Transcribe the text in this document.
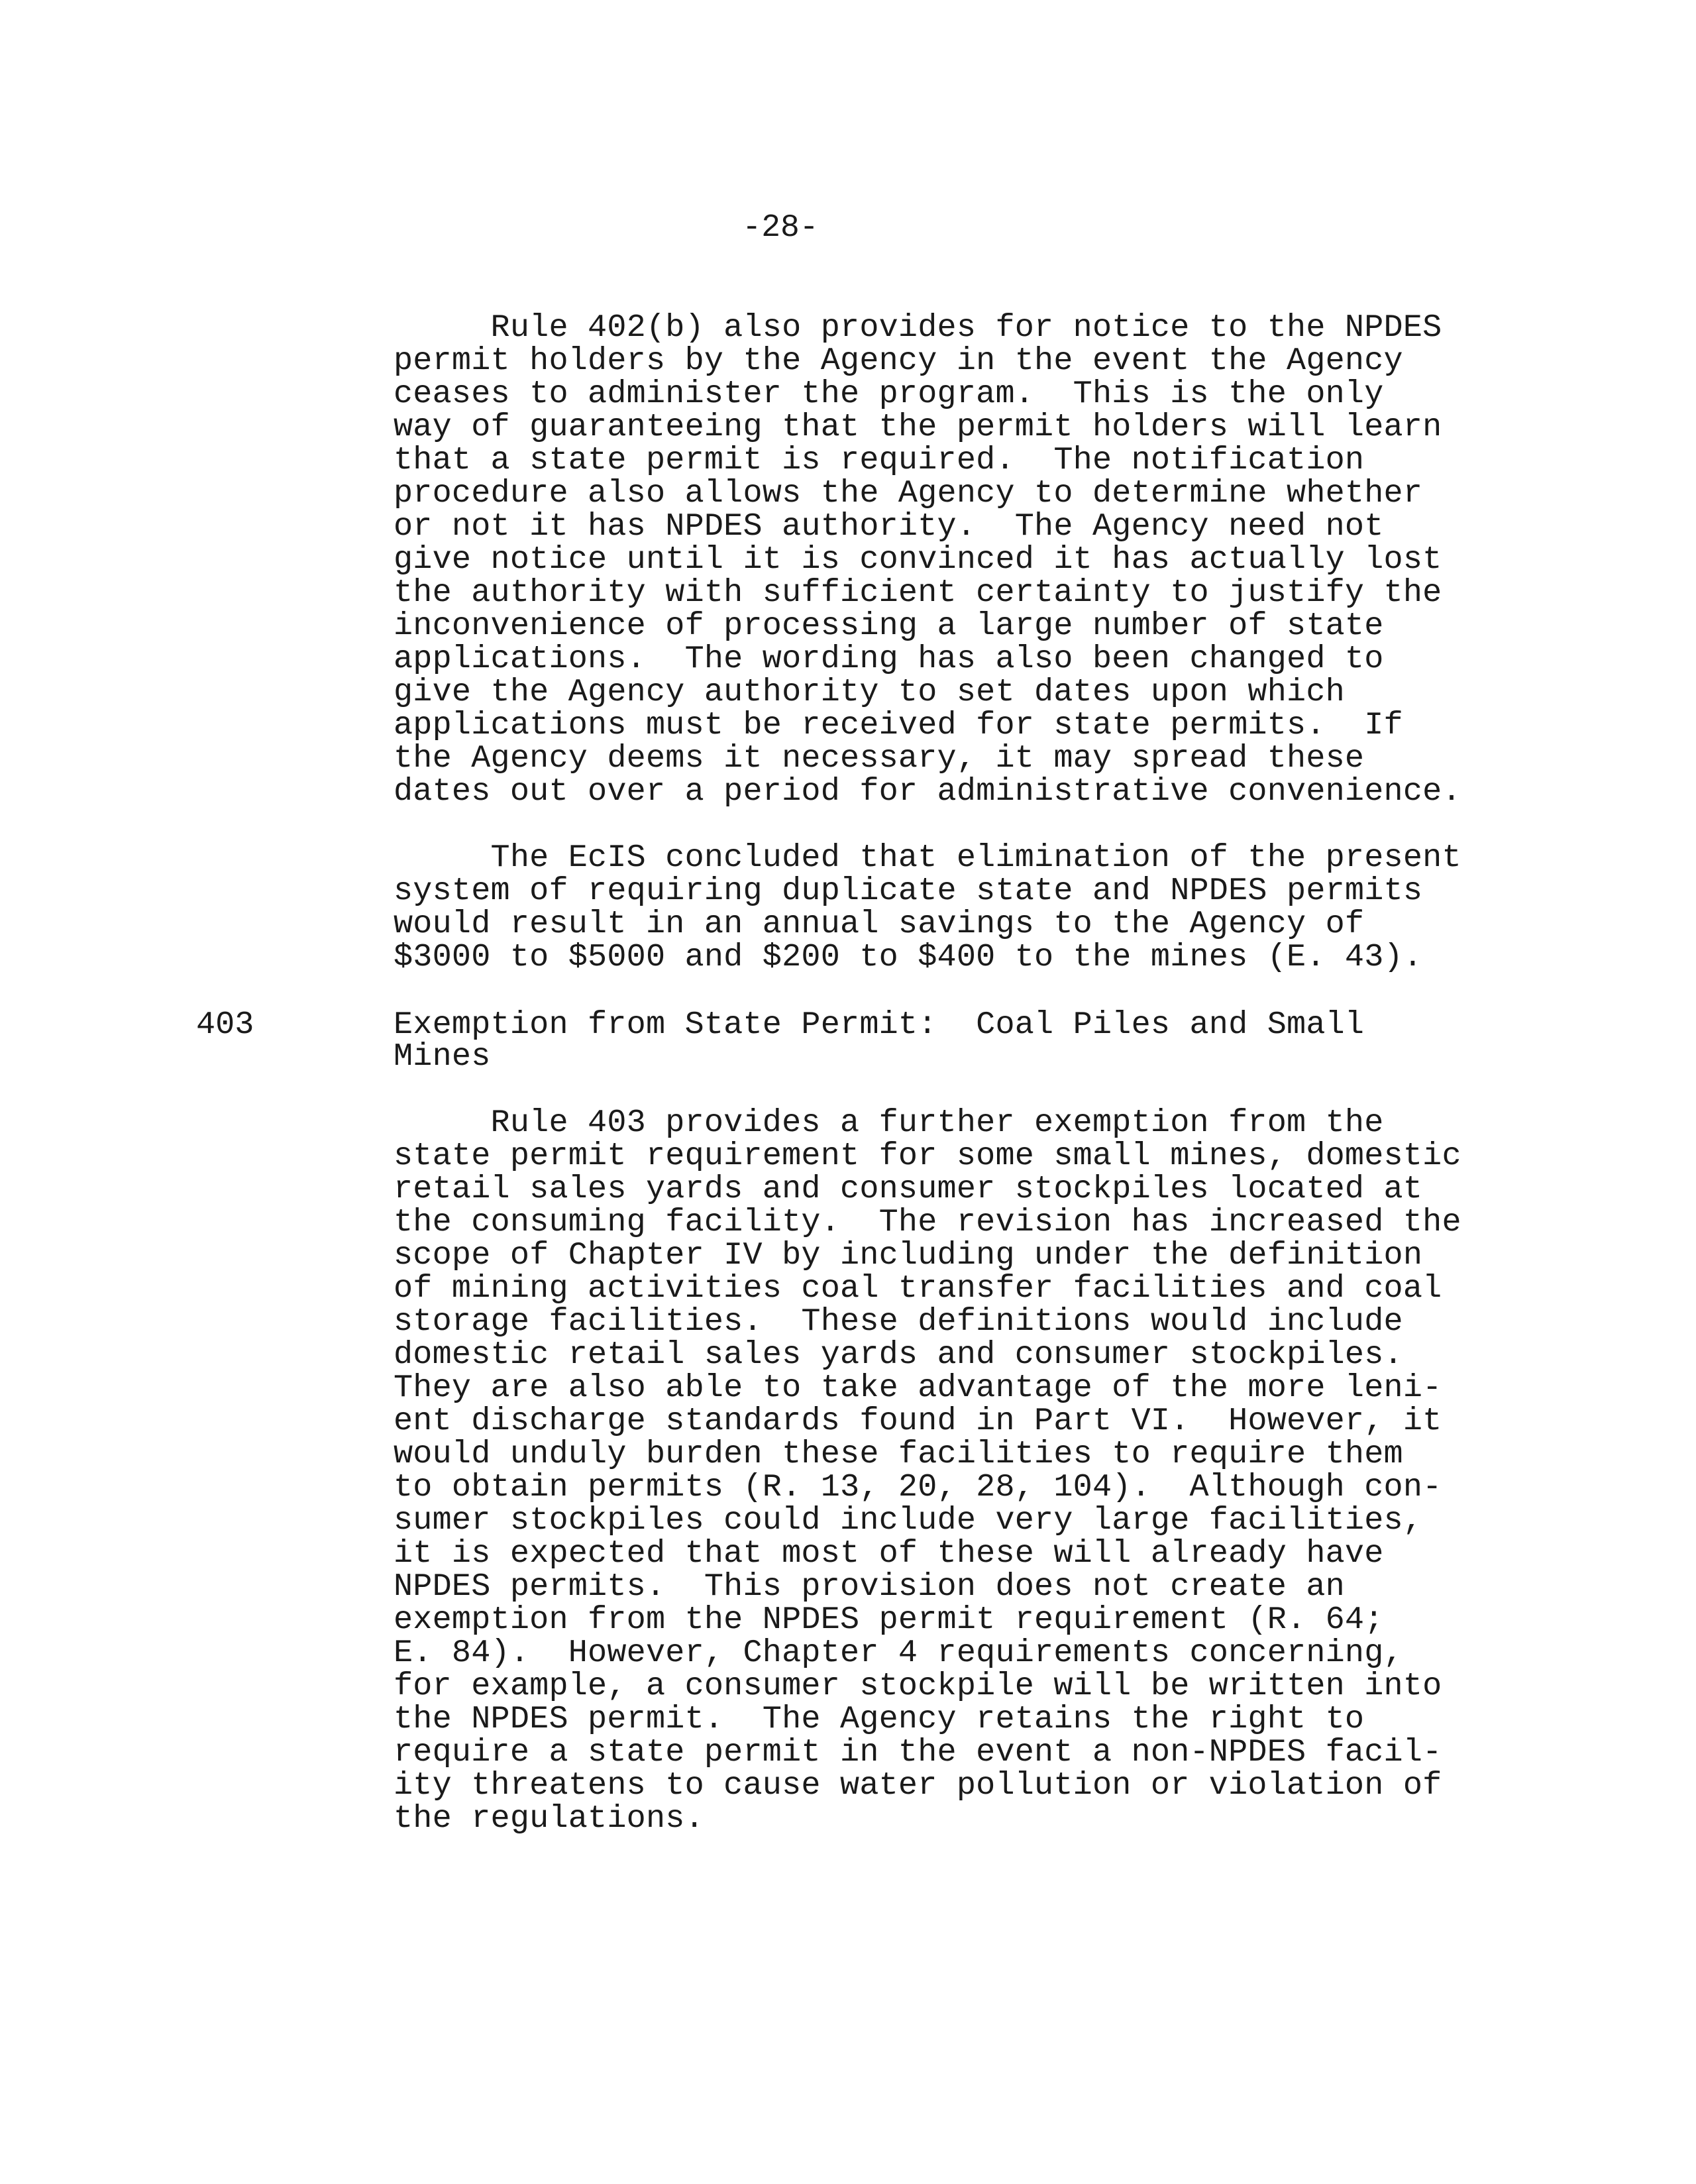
-28-
Rule 402(b) also provides for notice to the NPDES
permit holders by the Agency in the event the Agency
ceases to administer the program.  This is the only
way of guaranteeing that the permit holders will learn
that a state permit is required.  The notification
procedure also allows the Agency to determine whether
or not it has NPDES authority.  The Agency need not
give notice until it is convinced it has actually lost
the authority with sufficient certainty to justify the
inconvenience of processing a large number of state
applications.  The wording has also been changed to
give the Agency authority to set dates upon which
applications must be received for state permits.  If
the Agency deems it necessary, it may spread these
dates out over a period for administrative convenience.
The EcIS concluded that elimination of the present
system of requiring duplicate state and NPDES permits
would result in an annual savings to the Agency of
$3000 to $5000 and $200 to $400 to the mines (E. 43).
403	Exemption from State Permit:  Coal Piles and Small
Mines
Rule 403 provides a further exemption from the
state permit requirement for some small mines, domestic
retail sales yards and consumer stockpiles located at
the consuming facility.  The revision has increased the
scope of Chapter IV by including under the definition
of mining activities coal transfer facilities and coal
storage facilities.  These definitions would include
domestic retail sales yards and consumer stockpiles.
They are also able to take advantage of the more leni-
ent discharge standards found in Part VI.  However, it
would unduly burden these facilities to require them
to obtain permits (R. 13, 20, 28, 104).  Although con-
sumer stockpiles could include very large facilities,
it is expected that most of these will already have
NPDES permits.  This provision does not create an
exemption from the NPDES permit requirement (R. 64;
E. 84).  However, Chapter 4 requirements concerning,
for example, a consumer stockpile will be written into
the NPDES permit.  The Agency retains the right to
require a state permit in the event a non-NPDES facil-
ity threatens to cause water pollution or violation of
the regulations.
